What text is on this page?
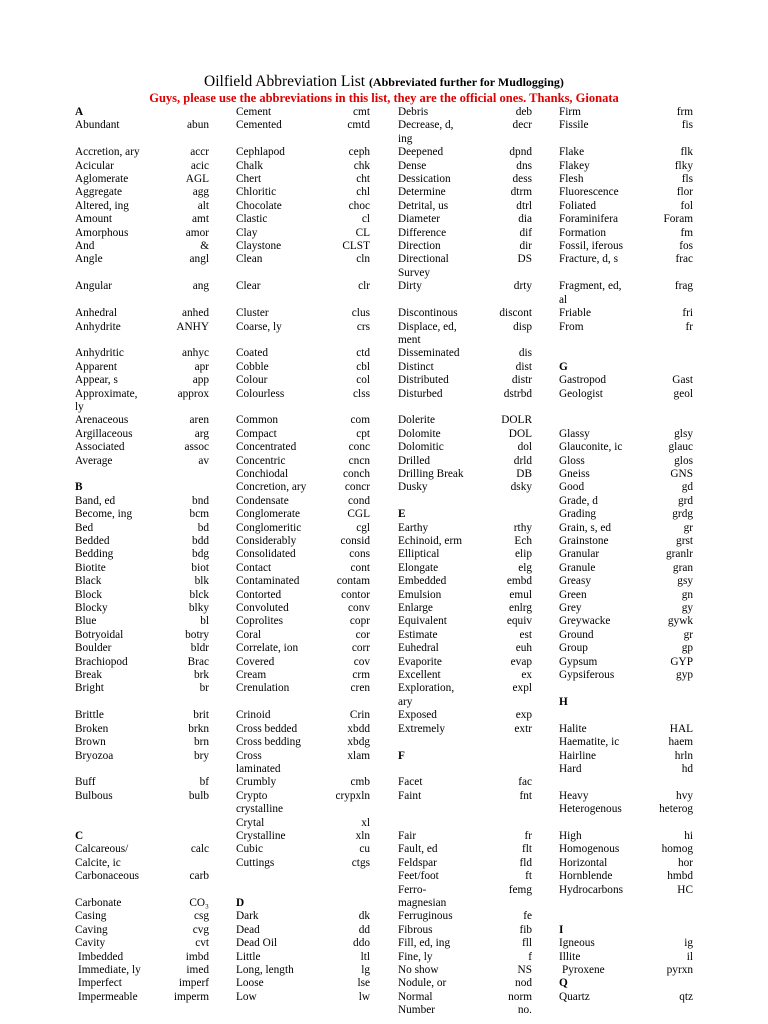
Oilfield Abbreviation List (Abbreviated further for Mudlogging)
Guys, please use the abbreviations in this list, they are the official ones. Thanks, Gionata
A
Abundant	abun

Accretion, ary	accr
Acicular	acic
Aglomerate	AGL
Aggregate	agg
Altered, ing	alt
Amount	amt
Amorphous	amor
And	&
Angle	angl

Angular	ang

Anhedral	anhed
Anhydrite	ANHY

Anhydritic	anhyc
Apparent	apr
Appear, s	app
Approximate,	approx
ly
Arenaceous	aren
Argillaceous	arg
Associated	assoc
Average	av

B
Band, ed	bnd
Become, ing	bcm
Bed	bd
Bedded	bdd
Bedding	bdg
Biotite	biot
Black	blk
Block	blck
Blocky	blky
Blue	bl
Botryoidal	botry
Boulder	bldr
Brachiopod	Brac
Break	brk
Bright	br

Brittle	brit
Broken	brkn
Brown	brn
Bryozoa	bry

Buff	bf
Bulbous	bulb

C
Calcareous/	calc
Calcite, ic
Carbonaceous	carb

Carbonate	CO₃
Casing	csg
Caving	cvg
Cavity	cvt
Imbedded	imbd
Immediate, ly	imed
Imperfect	imperf
Impermeable	imperm
Cement	cmt
Cemented	cmtd

Cephlapod	ceph
Chalk	chk
Chert	cht
Chloritic	chl
Chocolate	choc
Clastic	cl
Clay	CL
Claystone	CLST
Clean	cln

Clear	clr

Cluster	clus
Coarse, ly	crs

Coated	ctd
Cobble	cbl
Colour	col
Colourless	clss

Common	com
Compact	cpt
Concentrated	conc
Concentric	cncn
Conchiodal	conch
Concretion, ary	concr
Condensate	cond
Conglomerate	CGL
Conglomeritic	cgl
Considerably	consid
Consolidated	cons
Contact	cont
Contaminated	contam
Contorted	contor
Convoluted	conv
Coprolites	copr
Coral	cor
Correlate, ion	corr
Covered	cov
Cream	crm
Crenulation	cren

Crinoid	Crin
Cross bedded	xbdd
Cross bedding	xbdg
Cross	xlam
laminated
Crumbly	cmb
Crypto	crypxln
crystalline
Crytal	xl
Crystalline	xln
Cubic	cu
Cuttings	ctgs

D
Dark	dk
Dead	dd
Dead Oil	ddo
Little	ltl
Long, length	lg
Loose	lse
Low	lw
Debris	deb
Decrease, d,	decr
ing
Deepened	dpnd
Dense	dns
Dessication	dess
Determine	dtrm
Detrital, us	dtrl
Diameter	dia
Difference	dif
Direction	dir
Directional	DS
Survey
Dirty	drty

Discontinous	discont
Displace, ed,	disp
ment
Disseminated	dis
Distinct	dist
Distributed	distr
Disturbed	dstrbd

Dolerite	DOLR
Dolomite	DOL
Dolomitic	dol
Drilled	drld
Drilling Break	DB
Dusky	dsky

E
Earthy	rthy
Echinoid, erm	Ech
Elliptical	elip
Elongate	elg
Embedded	embd
Emulsion	emul
Enlarge	enlrg
Equivalent	equiv
Estimate	est
Euhedral	euh
Evaporite	evap
Excellent	ex
Exploration,	expl
ary
Exposed	exp
Extremely	extr

F

Facet	fac
Faint	fnt

Fair	fr
Fault, ed	flt
Feldspar	fld
Feet/foot	ft
Ferro-	femg
magnesian
Ferruginous	fe
Fibrous	fib
Fill, ed, ing	fll
Fine, ly	f
No show	NS
Nodule, or	nod
Normal	norm
Number	no.
Firm	frm
Fissile	fis

Flake	flk
Flakey	flky
Flesh	fls
Fluorescence	flor
Foliated	fol
Foraminifera	Foram
Formation	fm
Fossil, iferous	fos
Fracture, d, s	frac

Fragment, ed,	frag
al
Friable	fri
From	fr

G
Gastropod	Gast
Geologist	geol

Glassy	glsy
Glauconite, ic	glauc
Gloss	glos
Gneiss	GNS
Good	gd
Grade, d	grd
Grading	grdg
Grain, s, ed	gr
Grainstone	grst
Granular	granlr
Granule	gran
Greasy	gsy
Green	gn
Grey	gy
Greywacke	gywk
Ground	gr
Group	gp
Gypsum	GYP
Gypsiferous	gyp

H

Halite	HAL
Haematite, ic	haem
Hairline	hrln
Hard	hd

Heavy	hvy
Heterogenous	heterog

High	hi
Homogenous	homog
Horizontal	hor
Hornblende	hmbd
Hydrocarbons	HC

I
Igneous	ig
Illite	il
Pyroxene	pyrxn
Q
Quartz	qtz
